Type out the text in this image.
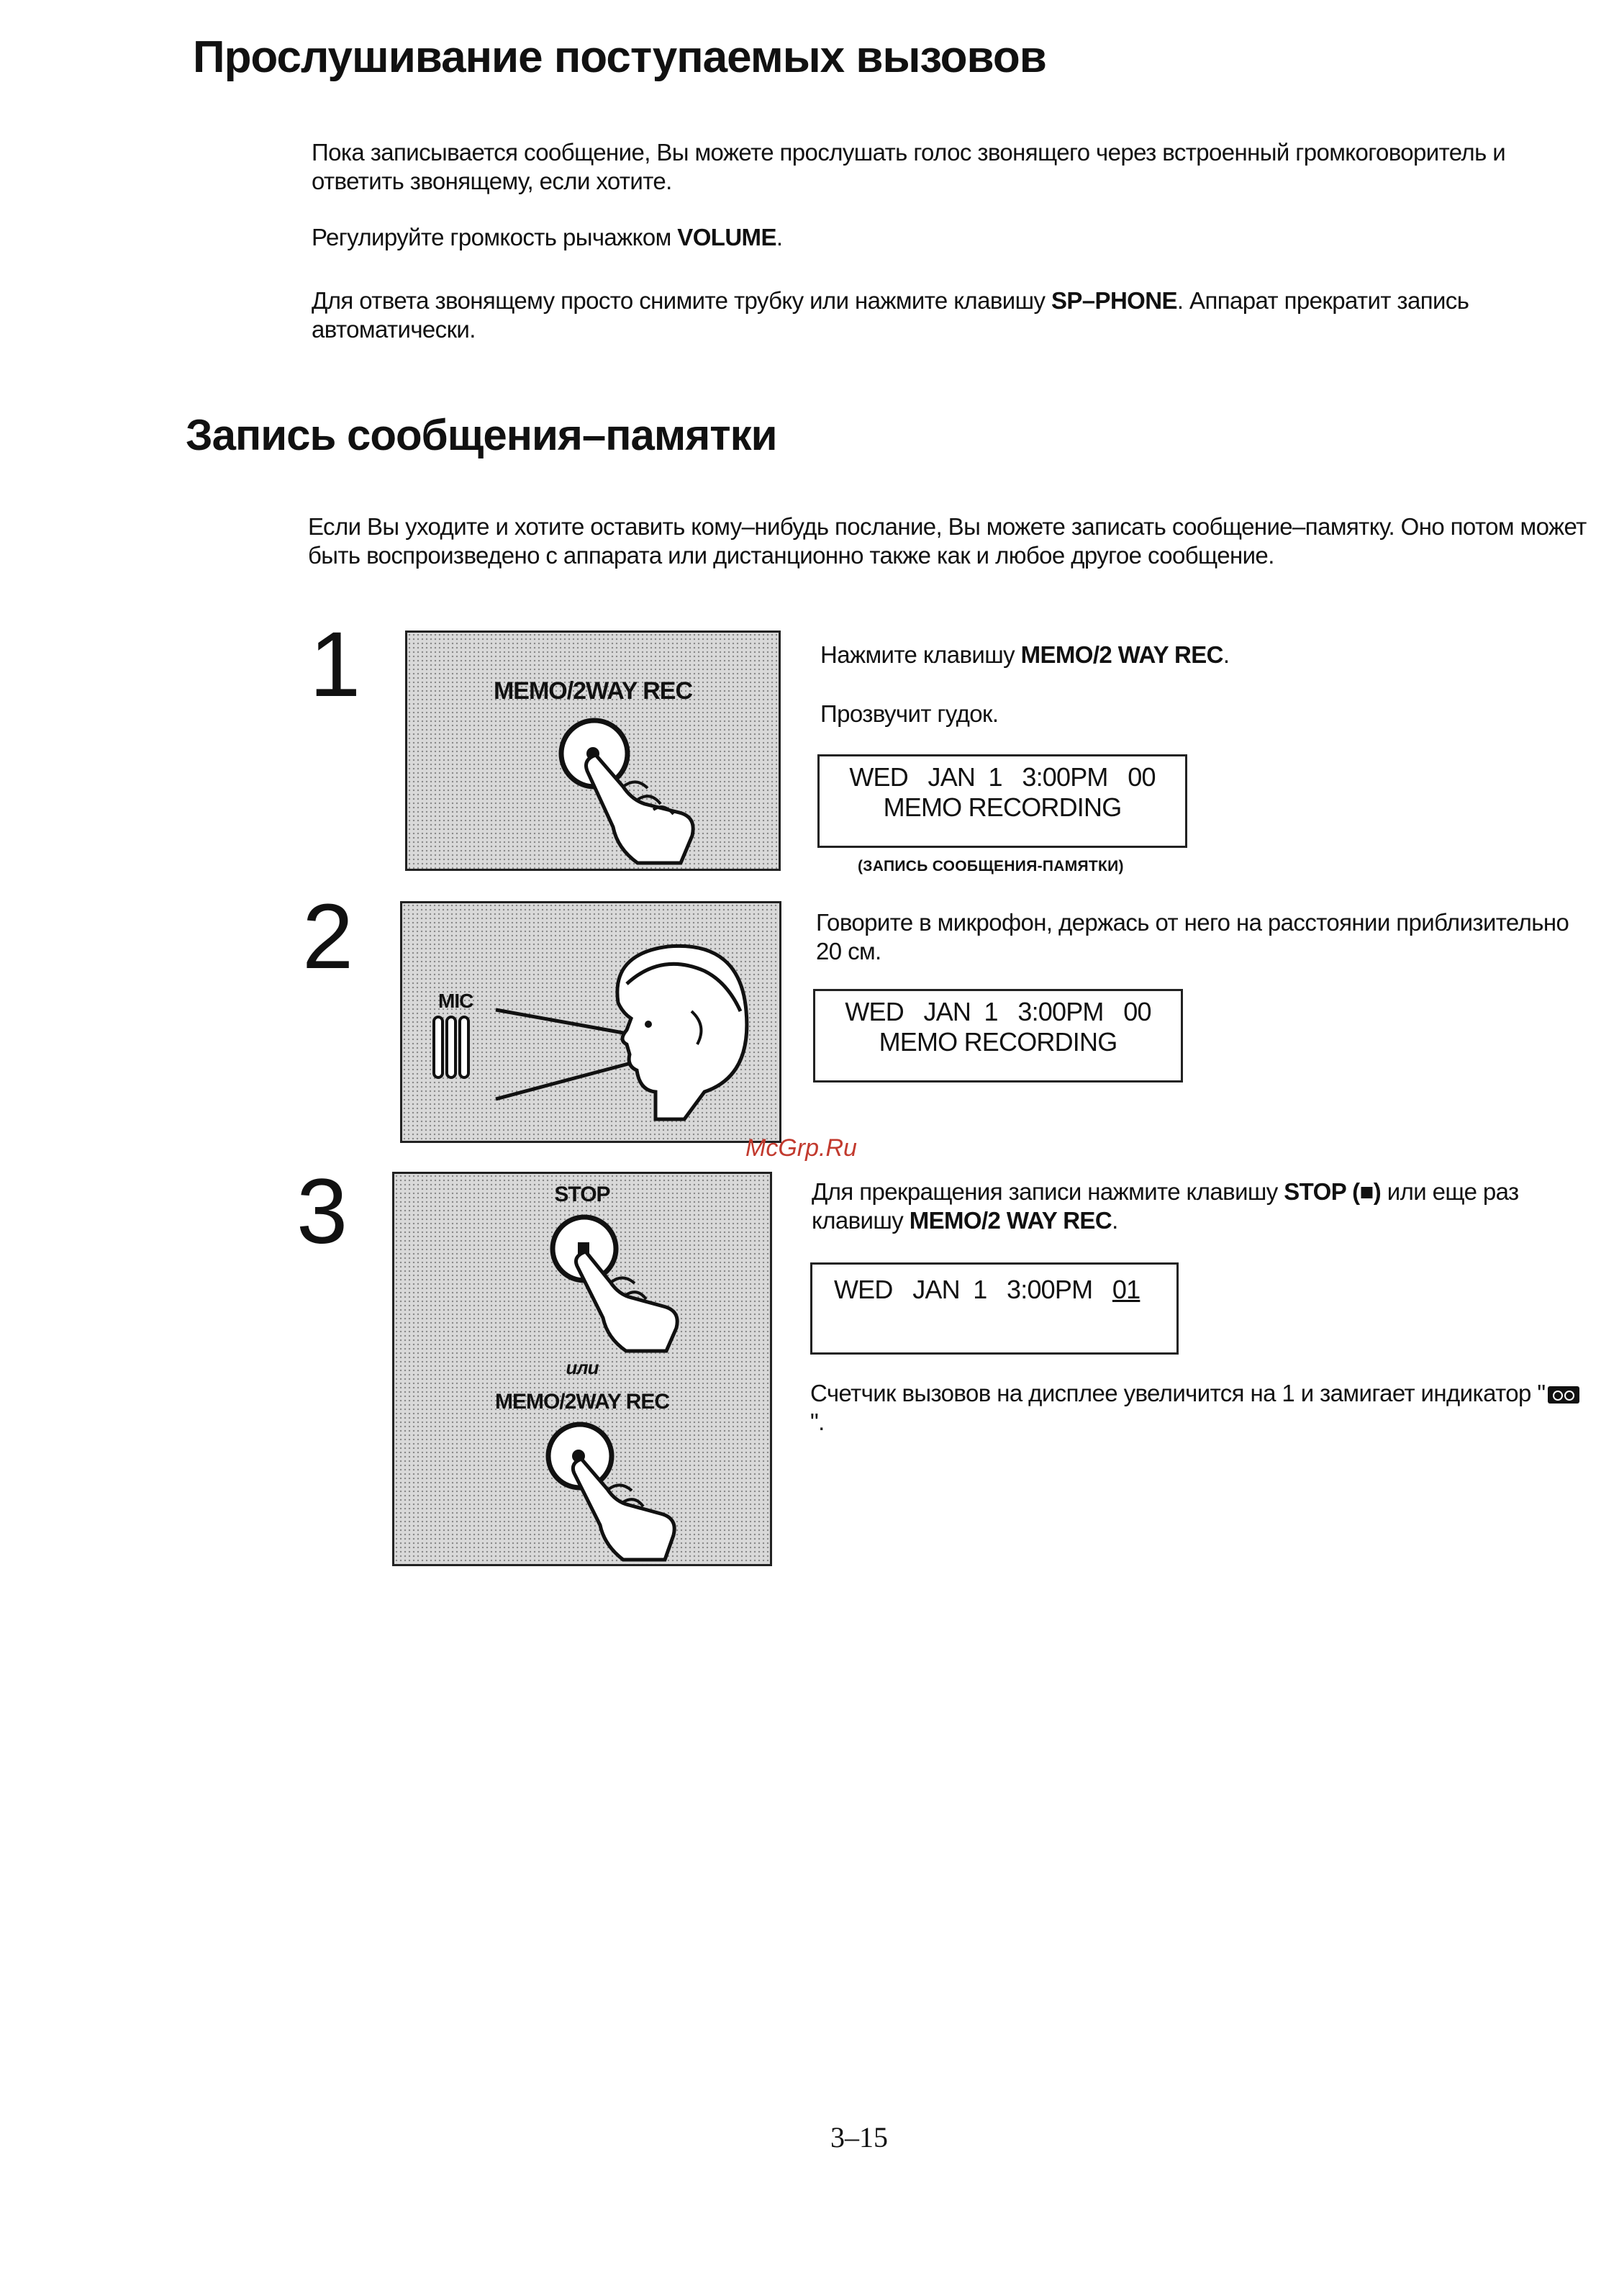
Прослушивание поступаемых вызовов
Пока записывается сообщение, Вы можете прослушать голос звонящего через встроенный громкоговоритель и ответить звонящему, если хотите.
Регулируйте громкость рычажком VOLUME.
Для ответа звонящему просто снимите трубку или нажмите клавишу SP–PHONE. Аппарат прекратит запись автоматически.
Запись сообщения–памятки
Если Вы уходите и хотите оставить кому–нибудь послание, Вы можете записать сообщение–памятку. Оно потом может быть воспроизведено с аппарата или дистанционно также как и любое другое сообщение.
1	MEMO/2WAY REC
Нажмите клавишу MEMO/2 WAY REC.
Прозвучит гудок.
WED   JAN  1   3:00PM   00
MEMO RECORDING
(ЗАПИСЬ СООБЩЕНИЯ-ПАМЯТКИ)
2
MIC
Говорите в микрофон, держась от него на расстоянии приблизительно 20 см.
WED   JAN  1   3:00PM   00
MEMO RECORDING
McGrp.Ru
3	STOP
или
MEMO/2WAY REC
Для прекращения записи нажмите клавишу STOP (■) или еще раз клавишу MEMO/2 WAY REC.
WED   JAN  1   3:00PM   01
Счетчик вызовов на дисплее увеличится на 1 и замигает индикатор "".
3–15
